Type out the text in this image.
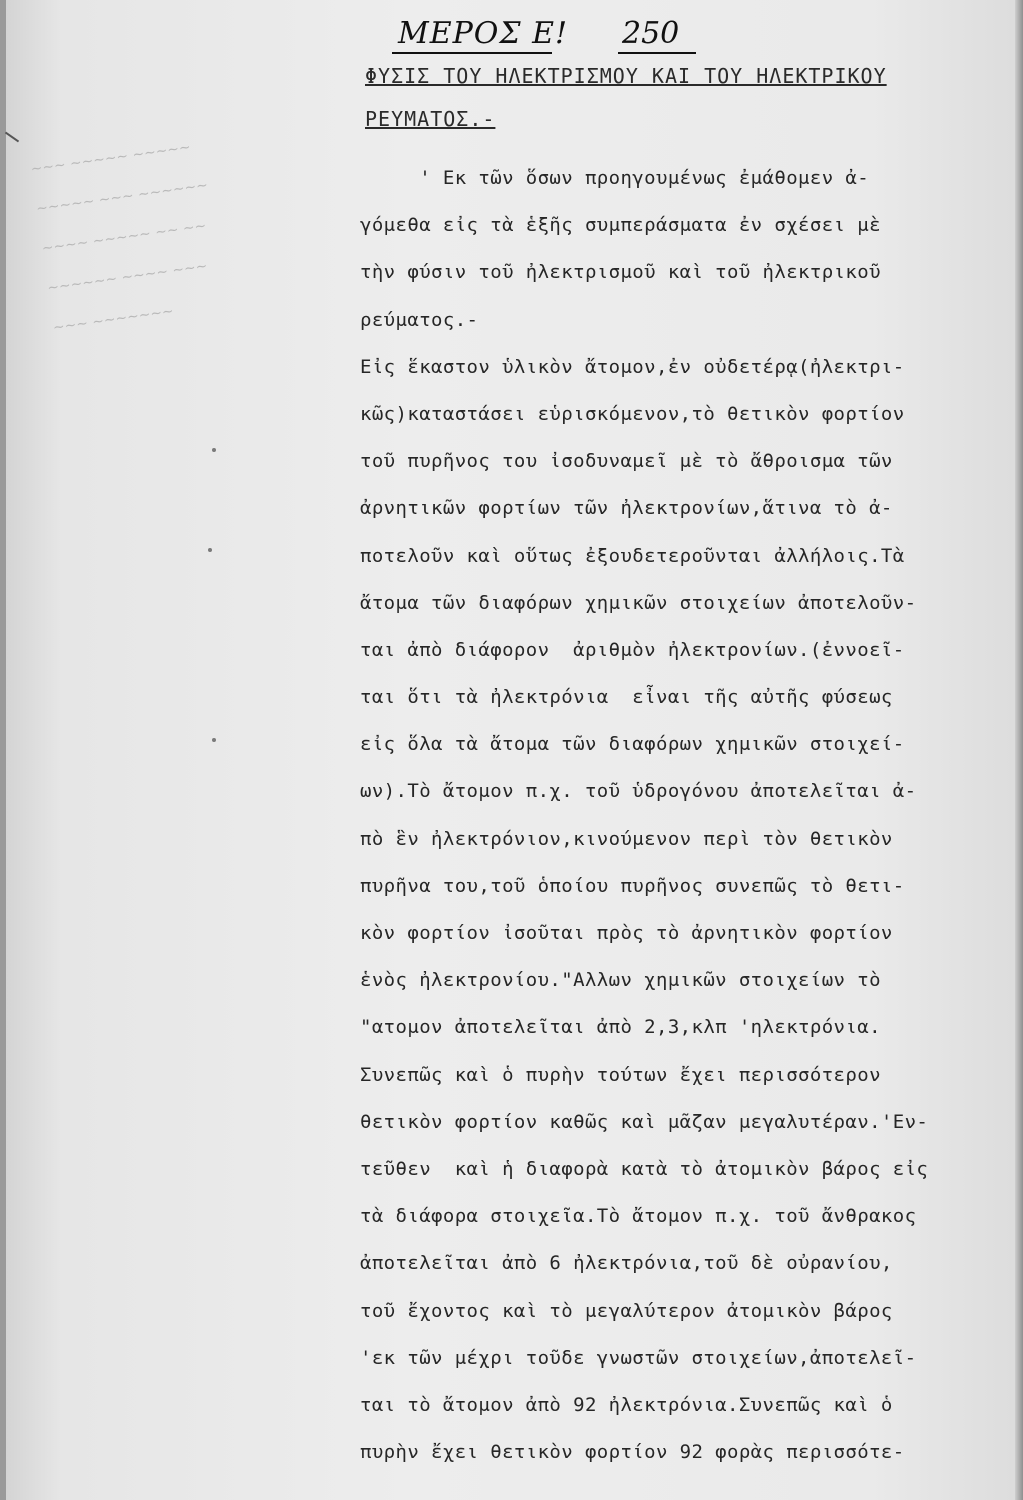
ΜΕΡΟΣ Ε! 250
ΦΥΣΙΣ ΤΟΥ ΗΛΕΚΤΡΙΣΜΟΥ ΚΑΙ ΤΟΥ ΗΛΕΚΤΡΙΚΟΥ
ΡΕΥΜΑΤΟΣ.-
~~~ ~~~~~ ~~~~~
~~~~~ ~~~ ~~~~~~
~~~~ ~~~~~ ~~ ~~
~~~~~~ ~~~~ ~~~
~~~ ~~~~~~~
' Εκ τῶν ὅσων προηγουμένως ἐμάθομεν ἀ-
γόμεθα εἰς τὰ ἑξῆς συμπεράσματα ἐν σχέσει μὲ
τὴν φύσιν τοῦ ἠλεκτρισμοῦ καὶ τοῦ ἠλεκτρικοῦ
ρεύματος.-
Εἰς ἕκαστον ὑλικὸν ἄτομον,ἐν οὐδετέρᾳ(ἠλεκτρι-
κῶς)καταστάσει εὑρισκόμενον,τὸ θετικὸν φορτίον
τοῦ πυρῆνος του ἰσοδυναμεῖ μὲ τὸ ἄθροισμα τῶν
ἀρνητικῶν φορτίων τῶν ἠλεκτρονίων,ἅτινα τὸ ἀ-
ποτελοῦν καὶ οὕτως ἐξουδετεροῦνται ἀλλήλοις.Τὰ
ἄτομα τῶν διαφόρων χημικῶν στοιχείων ἀποτελοῦν-
ται ἀπὸ διάφορον  ἀριθμὸν ἠλεκτρονίων.(ἐννοεῖ-
ται ὅτι τὰ ἠλεκτρόνια  εἶναι τῆς αὐτῆς φύσεως
εἰς ὅλα τὰ ἄτομα τῶν διαφόρων χημικῶν στοιχεί-
ων).Τὸ ἄτομον π.χ. τοῦ ὑδρογόνου ἀποτελεῖται ἀ-
πὸ ἓν ἠλεκτρόνιον,κινούμενον περὶ τὸν θετικὸν
πυρῆνα του,τοῦ ὁποίου πυρῆνος συνεπῶς τὸ θετι-
κὸν φορτίον ἰσοῦται πρὸς τὸ ἀρνητικὸν φορτίον
ἑνὸς ἠλεκτρονίου."Αλλων χημικῶν στοιχείων τὸ
"ατομον ἀποτελεῖται ἀπὸ 2,3,κλπ 'ηλεκτρόνια.
Συνεπῶς καὶ ὁ πυρὴν τούτων ἔχει περισσότερον
θετικὸν φορτίον καθῶς καὶ μᾶζαν μεγαλυτέραν.'Εν-
τεῦθεν  καὶ ἡ διαφορὰ κατὰ τὸ ἀτομικὸν βάρος εἰς
τὰ διάφορα στοιχεῖα.Τὸ ἄτομον π.χ. τοῦ ἄνθρακος
ἀποτελεῖται ἀπὸ 6 ἠλεκτρόνια,τοῦ δὲ οὐρανίου,
τοῦ ἔχοντος καὶ τὸ μεγαλύτερον ἀτομικὸν βάρος
'εκ τῶν μέχρι τοῦδε γνωστῶν στοιχείων,ἀποτελεῖ-
ται τὸ ἄτομον ἀπὸ 92 ἠλεκτρόνια.Συνεπῶς καὶ ὁ
πυρὴν ἔχει θετικὸν φορτίον 92 φορὰς περισσότε-
